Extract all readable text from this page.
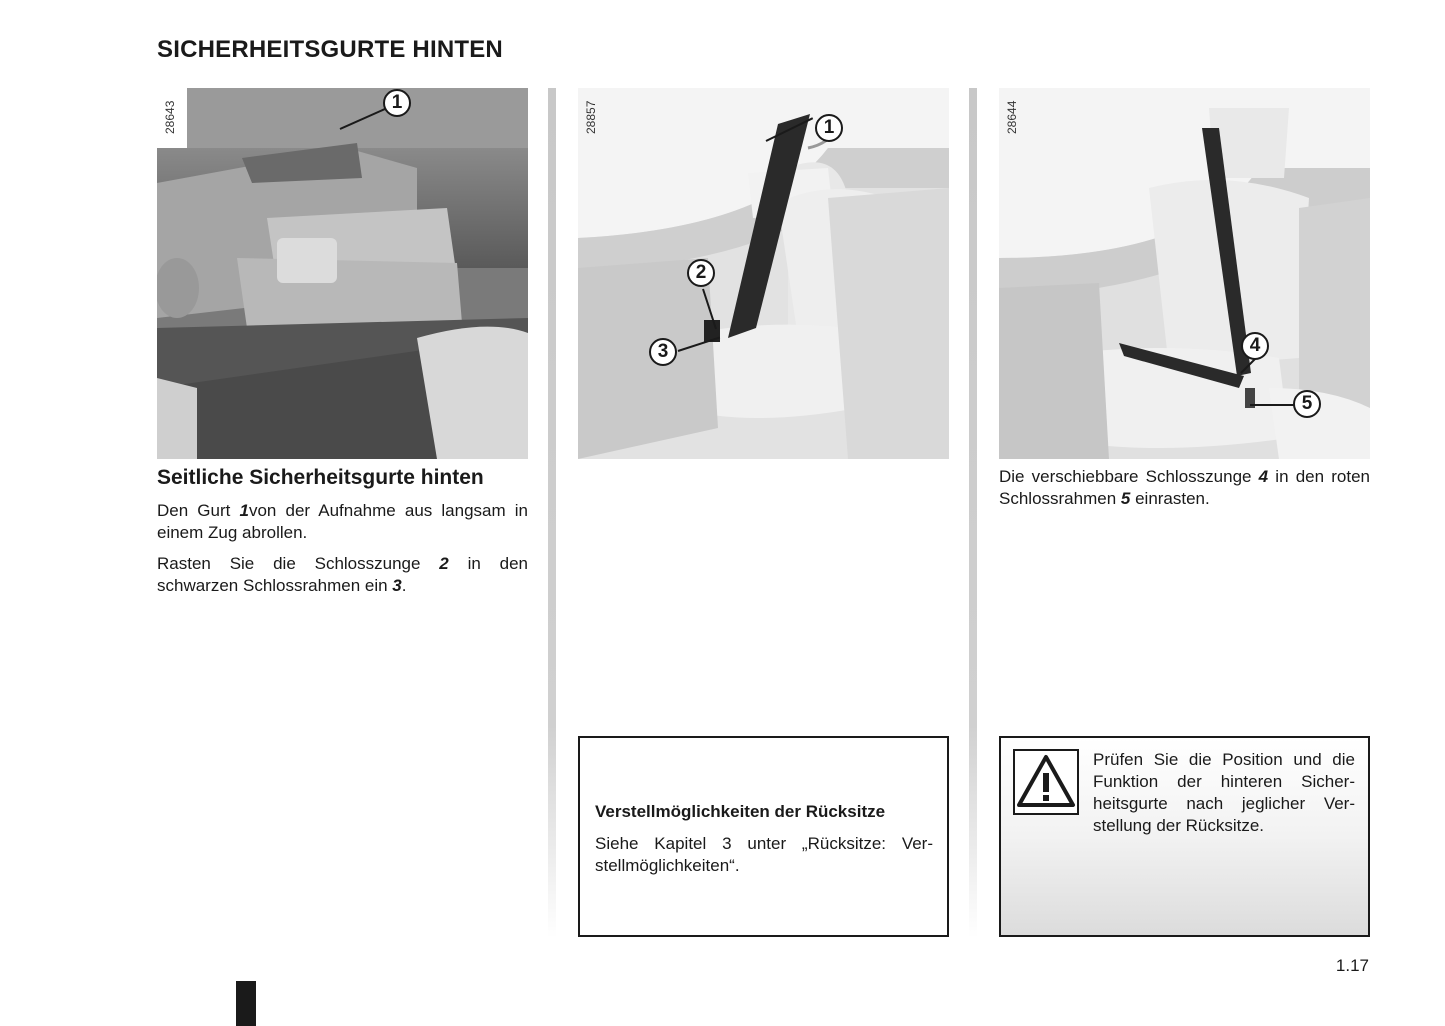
SICHERHEITSGURTE HINTEN
28643	1	28857	1
2
3
28644
4
5
Seitliche Sicherheitsgurte hinten
Den Gurt 1von der Aufnahme aus langsam in einem Zug abrollen.
Rasten Sie die Schlosszunge 2 in den schwarzen Schlossrahmen ein 3.
Verstellmöglichkeiten der Rücksitze
Siehe Kapitel 3 unter „Rücksitze: Ver-stellmöglichkeiten“.
Die verschiebbare Schlosszunge 4 in den roten Schlossrahmen 5 einrasten.
Prüfen Sie die Position und die Funktion der hinteren Sicher-heitsgurte nach jeglicher Ver-stellung der Rücksitze.
1.17
